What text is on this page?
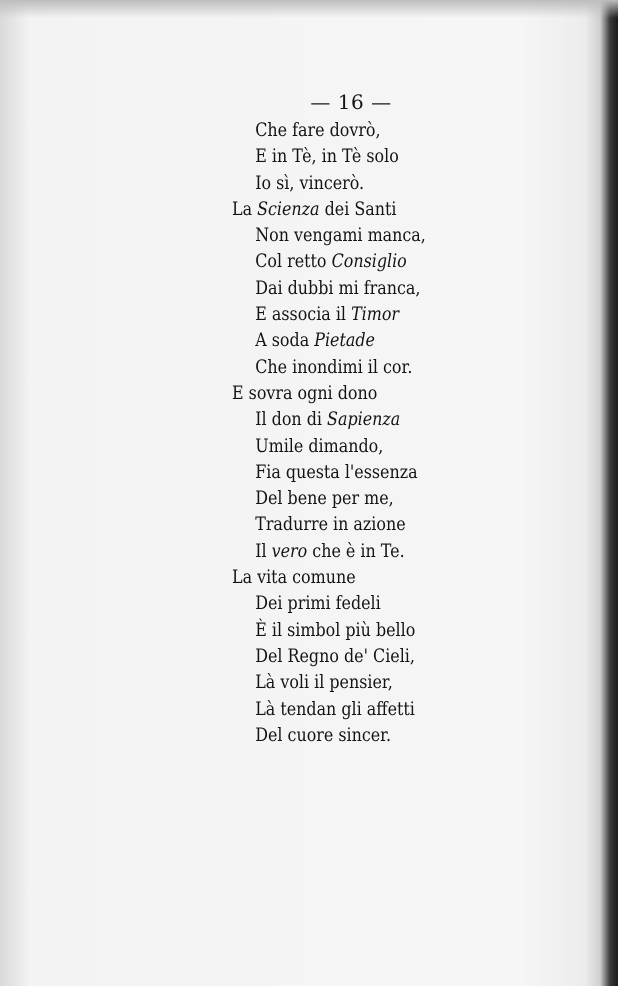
— 16 —
Che fare dovrò,
E in Tè, in Tè solo
Io sì, vincerò.
La Scienza dei Santi
Non vengami manca,
Col retto Consiglio
Dai dubbi mi franca,
E associa il Timor
A soda Pietade
Che inondimi il cor.
E sovra ogni dono
Il don di Sapienza
Umile dimando,
Fia questa l'essenza
Del bene per me,
Tradurre in azione
Il vero che è in Te.
La vita comune
Dei primi fedeli
È il simbol più bello
Del Regno de' Cieli,
Là voli il pensier,
Là tendan gli affetti
Del cuore sincer.
